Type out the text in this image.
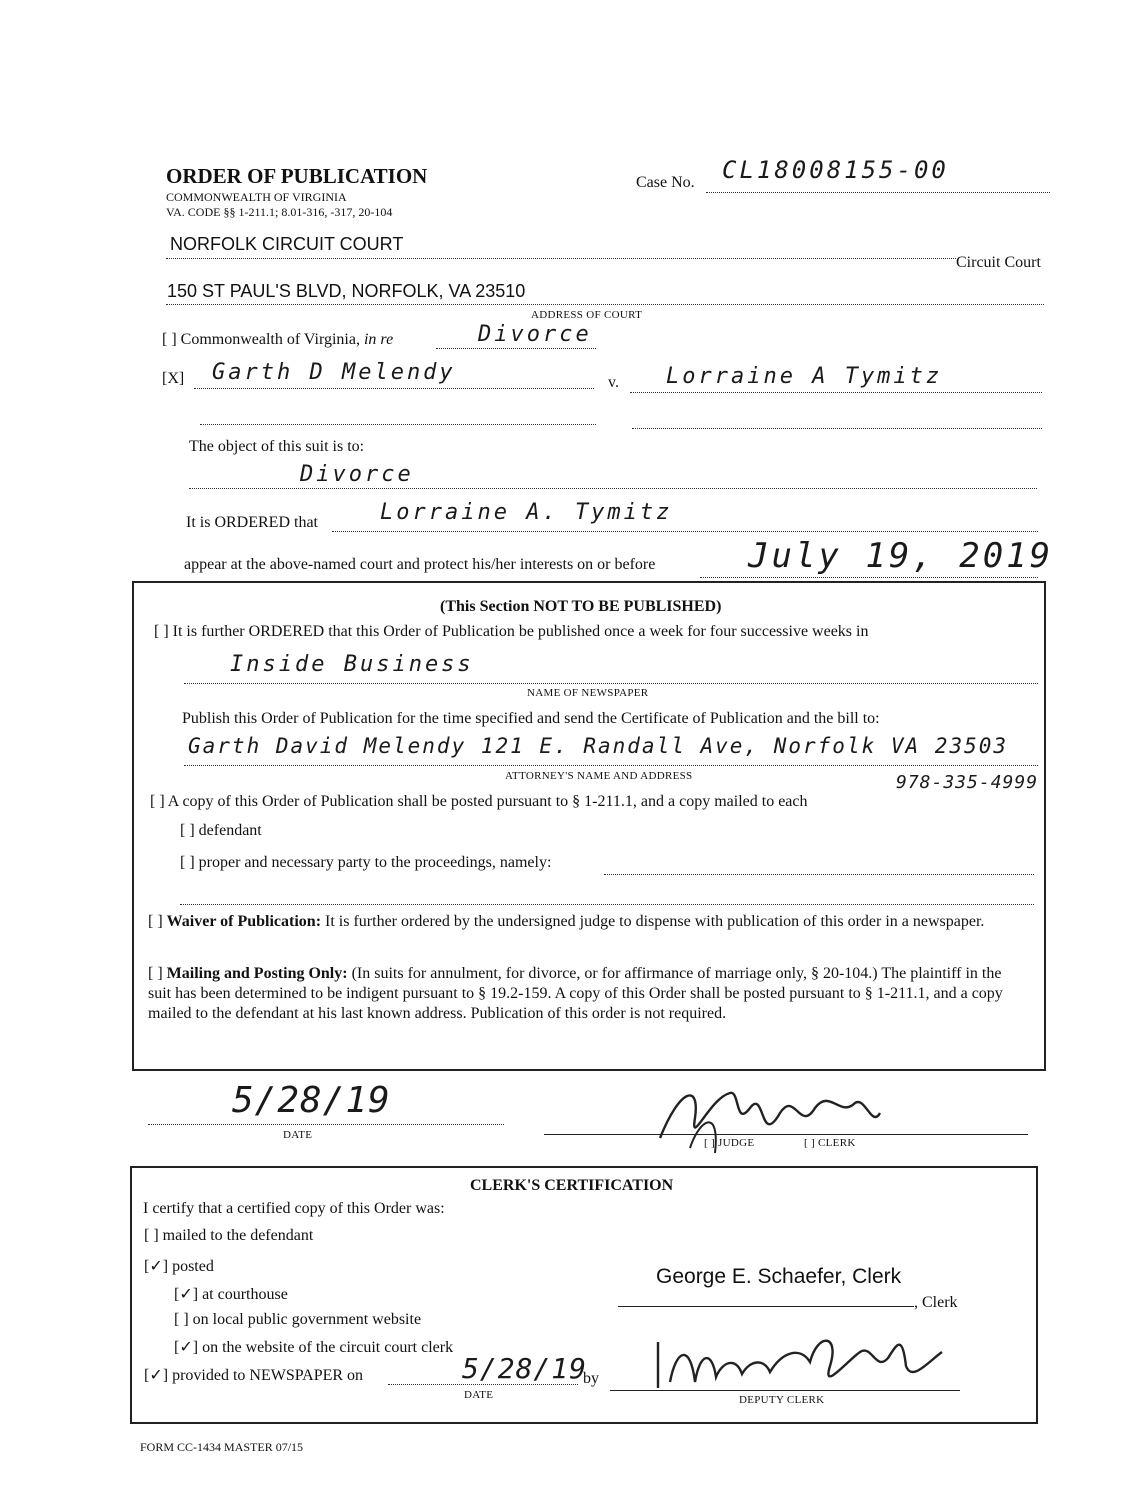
ORDER OF PUBLICATION
COMMONWEALTH OF VIRGINIA
VA. CODE §§ 1-211.1; 8.01-316, -317, 20-104
Case No. CL18008155-00
NORFOLK CIRCUIT COURT
Circuit Court
150 ST PAUL'S BLVD, NORFOLK, VA 23510
ADDRESS OF COURT
[ ] Commonwealth of Virginia, in re	Divorce
[X] Garth D Melendy	v. Lorraine A Tymitz
The object of this suit is to:
Divorce
It is ORDERED that	Lorraine A. Tymitz
appear at the above-named court and protect his/her interests on or before	July 19, 2019
(This Section NOT TO BE PUBLISHED)
[ ] It is further ORDERED that this Order of Publication be published once a week for four successive weeks in
Inside Business
NAME OF NEWSPAPER
Publish this Order of Publication for the time specified and send the Certificate of Publication and the bill to:
Garth David Melendy 121 E. Randall Ave, Norfolk VA 23503
ATTORNEY'S NAME AND ADDRESS	978-335-4999
[ ] A copy of this Order of Publication shall be posted pursuant to § 1-211.1, and a copy mailed to each
[ ] defendant
[ ] proper and necessary party to the proceedings, namely:
[ ] Waiver of Publication: It is further ordered by the undersigned judge to dispense with publication of this order in a newspaper.
[ ] Mailing and Posting Only: (In suits for annulment, for divorce, or for affirmance of marriage only, § 20-104.) The plaintiff in the suit has been determined to be indigent pursuant to § 19.2-159. A copy of this Order shall be posted pursuant to § 1-211.1, and a copy mailed to the defendant at his last known address. Publication of this order is not required.
5/28/19
DATE
[ ] JUDGE	[ ] CLERK
CLERK'S CERTIFICATION
I certify that a certified copy of this Order was:
[ ] mailed to the defendant
[✓] posted
[✓] at courthouse
[ ] on local public government website
[✓] on the website of the circuit court clerk
[✓] provided to NEWSPAPER on	5/28/19
DATE
by
George E. Schaefer, Clerk
, Clerk
DEPUTY CLERK
FORM CC-1434 MASTER 07/15
